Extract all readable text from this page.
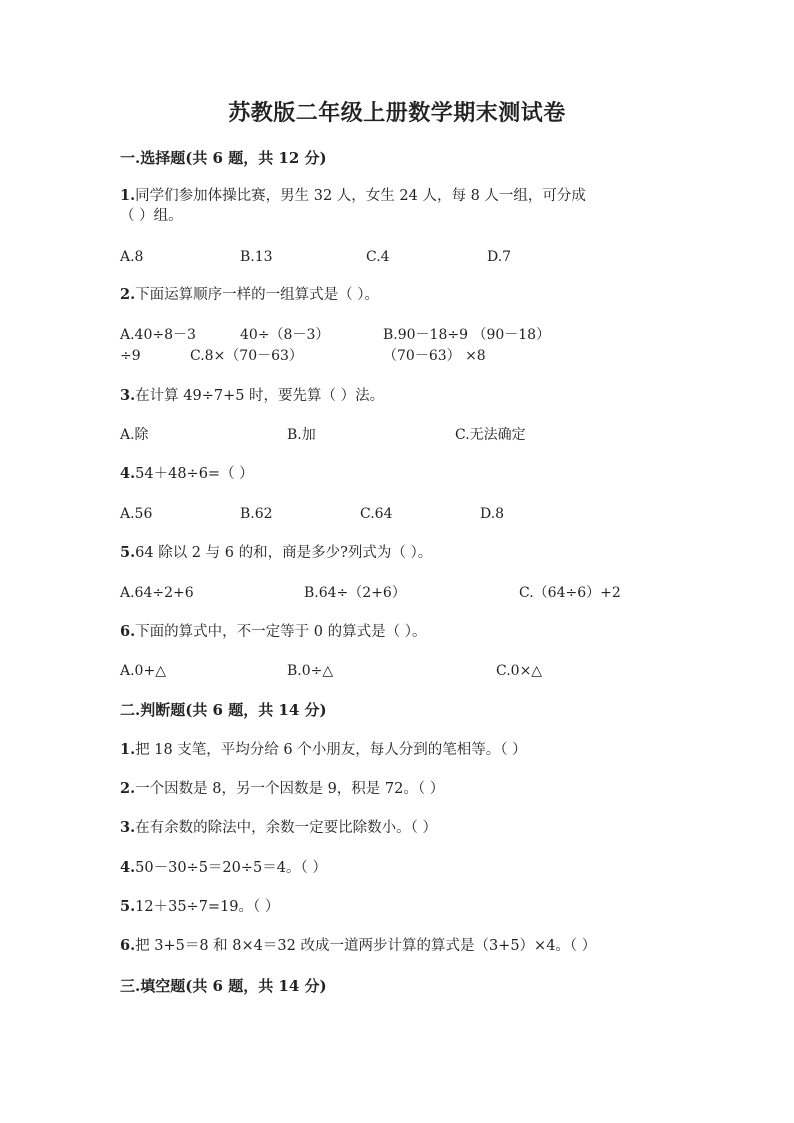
苏教版二年级上册数学期末测试卷
一.选择题(共 6 题，共 12 分)
1.同学们参加体操比赛，男生 32 人，女生 24 人，每 8 人一组，可分成
（ ）组。
A.8	B.13	C.4	D.7
2.下面运算顺序一样的一组算式是（ ）。
A.40÷8－3	40÷（8－3）	B.90－18÷9 （90－18）
÷9	C.8×（70－63）	（70－63） ×8
3.在计算 49÷7+5 时，要先算（ ）法。
A.除	B.加	C.无法确定
4.54＋48÷6=（ ）
A.56	B.62	C.64	D.8
5.64 除以 2 与 6 的和，商是多少?列式为（ ）。
A.64÷2+6	B.64÷（2+6）	C.（64÷6）+2
6.下面的算式中，不一定等于 0 的算式是（ ）。
A.0+△	B.0÷△	C.0×△
二.判断题(共 6 题，共 14 分)
1.把 18 支笔，平均分给 6 个小朋友，每人分到的笔相等。（ ）
2.一个因数是 8，另一个因数是 9，积是 72。（ ）
3.在有余数的除法中，余数一定要比除数小。（ ）
4.50－30÷5＝20÷5＝4。（ ）
5.12＋35÷7=19。（ ）
6.把 3+5＝8 和 8×4＝32 改成一道两步计算的算式是（3+5）×4。（ ）
三.填空题(共 6 题，共 14 分)
